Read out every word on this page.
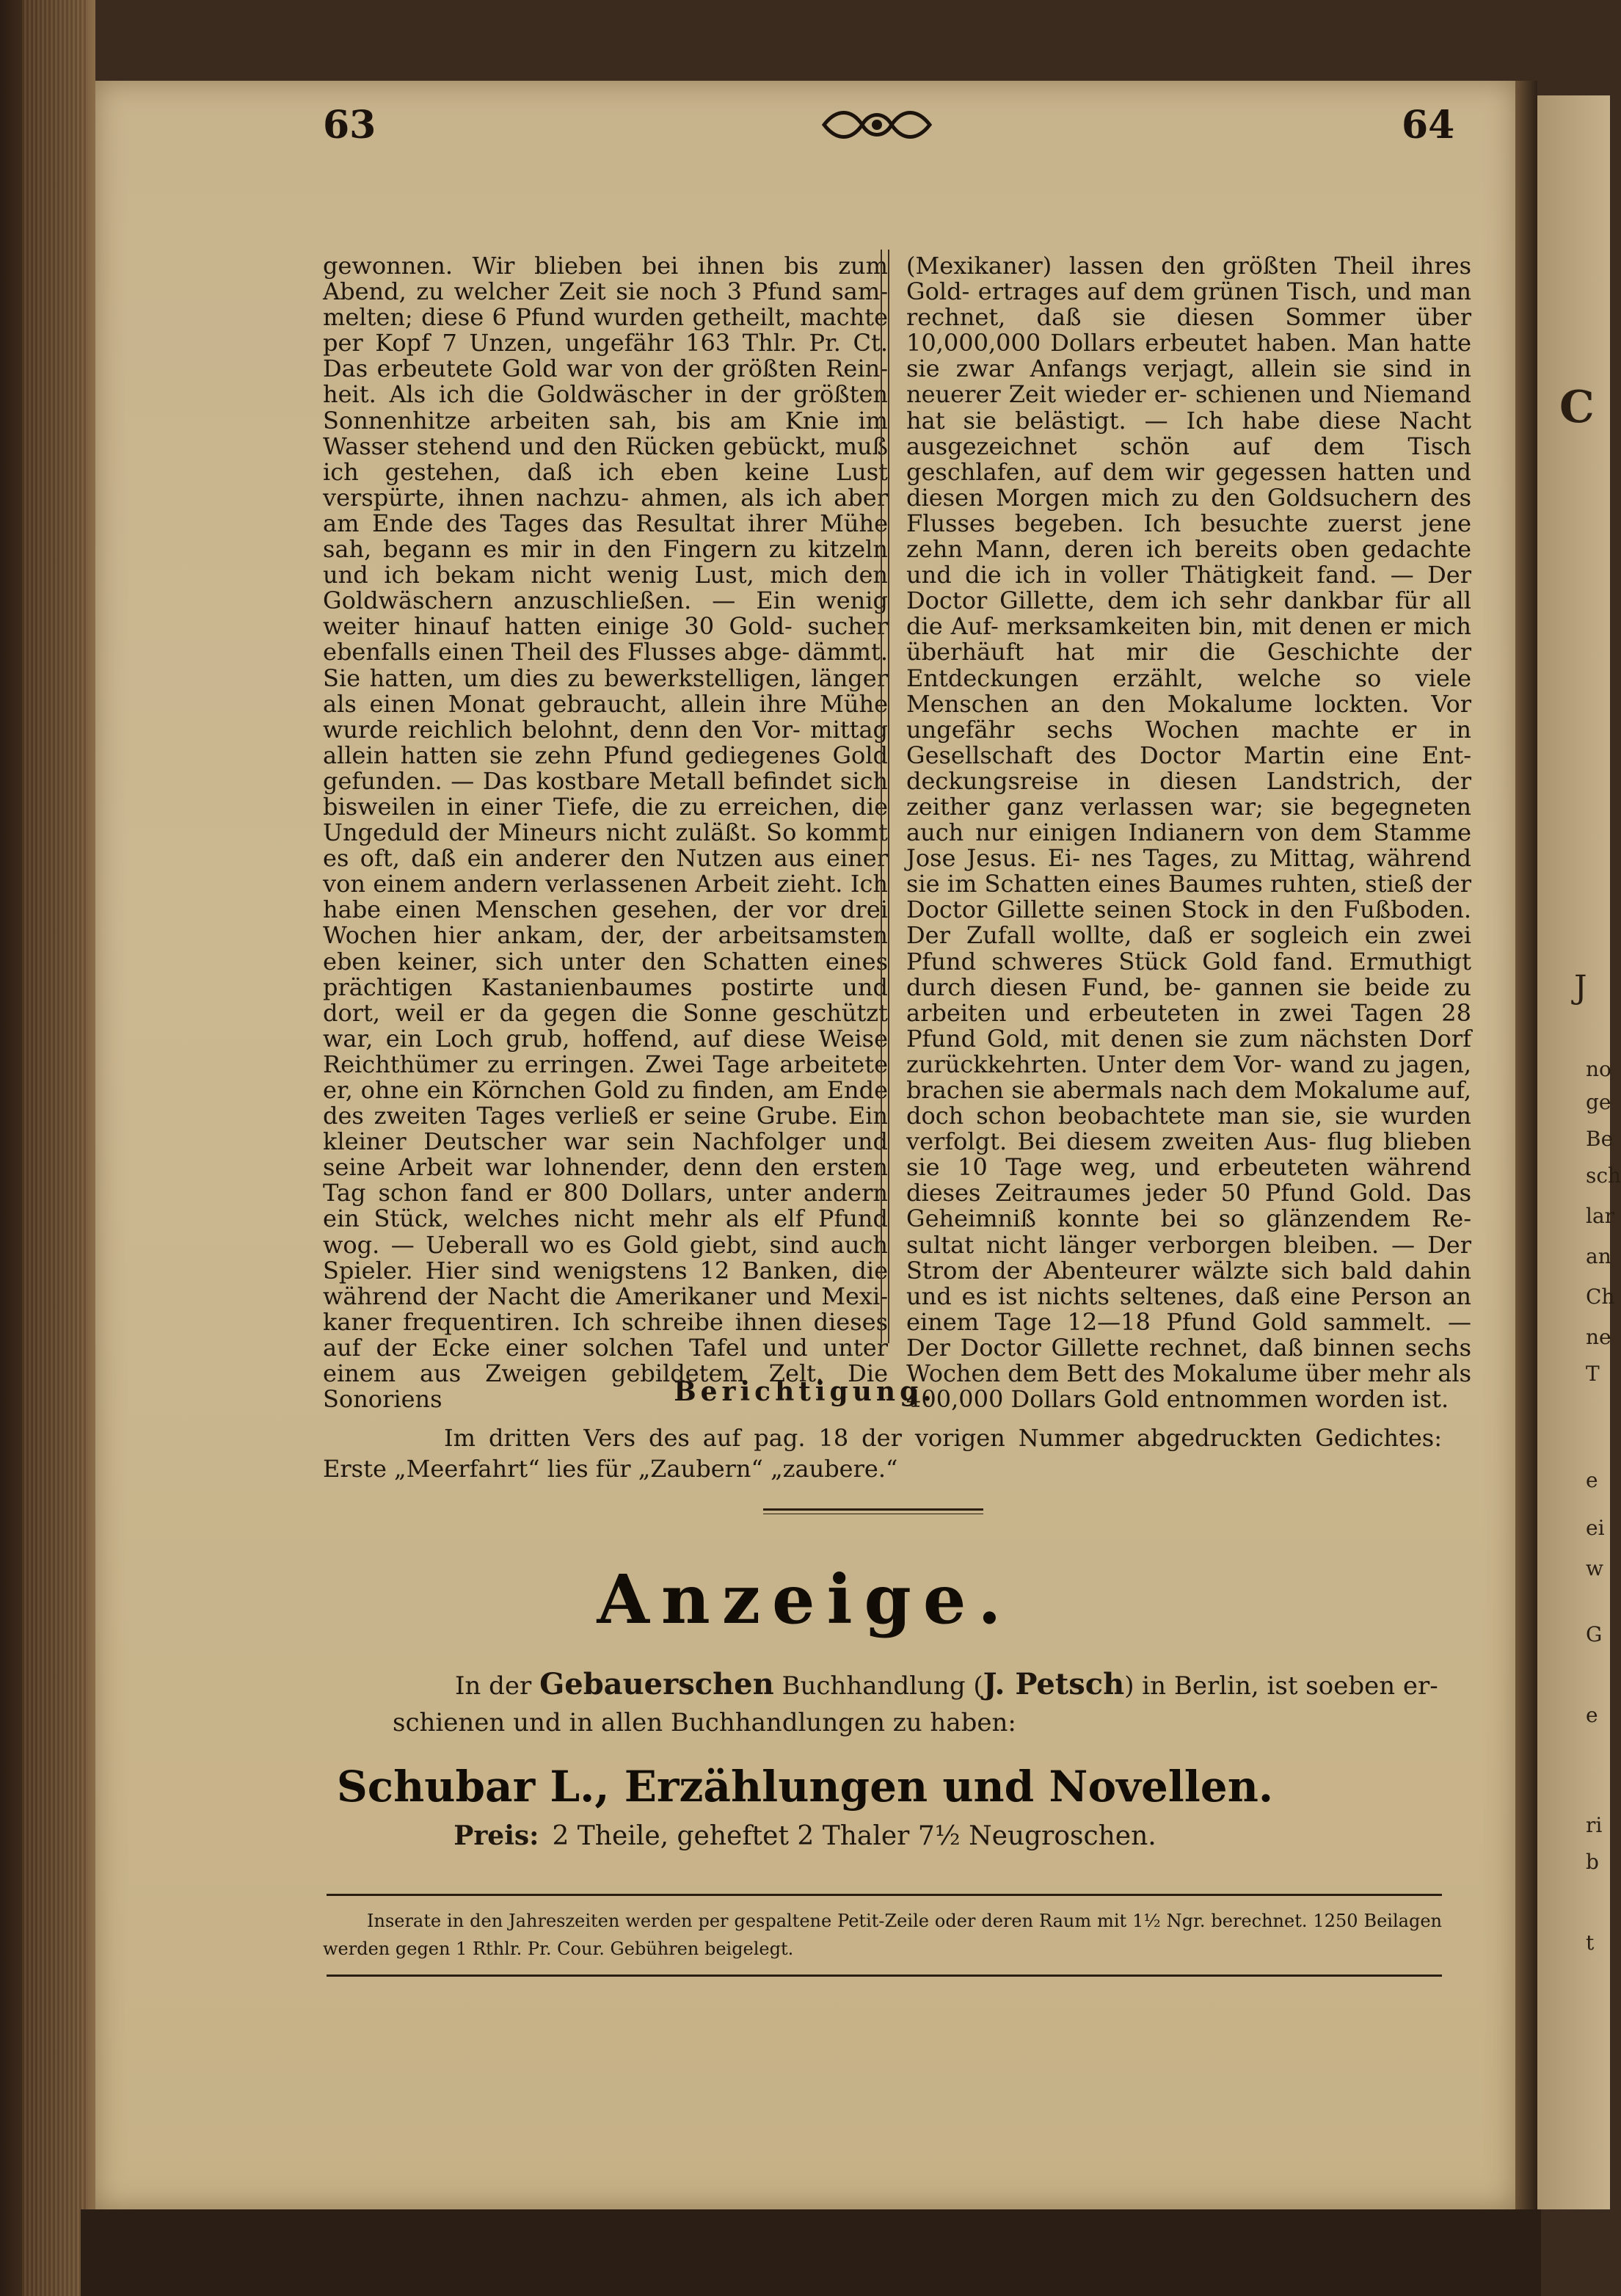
C
J
no
ge
Be
sch
lar
an
Ch
ne
T
e
ei
w
G
e
ri
b
t
63	64

gewonnen. Wir blieben bei ihnen bis zum Abend, zu welcher Zeit sie noch 3 Pfund sam- melten; diese 6 Pfund wurden getheilt, machte per Kopf 7 Unzen, ungefähr 163 Thlr. Pr. Ct. Das erbeutete Gold war von der größten Rein- heit. Als ich die Goldwäscher in der größten Sonnenhitze arbeiten sah, bis am Knie im Wasser stehend und den Rücken gebückt, muß ich gestehen, daß ich eben keine Lust verspürte, ihnen nachzu- ahmen, als ich aber am Ende des Tages das Resultat ihrer Mühe sah, begann es mir in den Fingern zu kitzeln und ich bekam nicht wenig Lust, mich den Goldwäschern anzuschließen. — Ein wenig weiter hinauf hatten einige 30 Gold- sucher ebenfalls einen Theil des Flusses abge- dämmt. Sie hatten, um dies zu bewerkstelligen, länger als einen Monat gebraucht, allein ihre Mühe wurde reichlich belohnt, denn den Vor- mittag allein hatten sie zehn Pfund gediegenes Gold gefunden. — Das kostbare Metall befindet sich bisweilen in einer Tiefe, die zu erreichen, die Ungeduld der Mineurs nicht zuläßt. So kommt es oft, daß ein anderer den Nutzen aus einer von einem andern verlassenen Arbeit zieht. Ich habe einen Menschen gesehen, der vor drei Wochen hier ankam, der, der arbeitsamsten eben keiner, sich unter den Schatten eines prächtigen Kastanienbaumes postirte und dort, weil er da gegen die Sonne geschützt war, ein Loch grub, hoffend, auf diese Weise Reichthümer zu erringen. Zwei Tage arbeitete er, ohne ein Körnchen Gold zu finden, am Ende des zweiten Tages verließ er seine Grube. Ein kleiner Deutscher war sein Nachfolger und seine Arbeit war lohnender, denn den ersten Tag schon fand er 800 Dollars, unter andern ein Stück, welches nicht mehr als elf Pfund wog. — Ueberall wo es Gold giebt, sind auch Spieler. Hier sind wenigstens 12 Banken, die während der Nacht die Amerikaner und Mexi- kaner frequentiren. Ich schreibe ihnen dieses auf der Ecke einer solchen Tafel und unter einem aus Zweigen gebildetem Zelt. Die Sonoriens

(Mexikaner) lassen den größten Theil ihres Gold- ertrages auf dem grünen Tisch, und man rechnet, daß sie diesen Sommer über 10,000,000 Dollars erbeutet haben. Man hatte sie zwar Anfangs verjagt, allein sie sind in neuerer Zeit wieder er- schienen und Niemand hat sie belästigt. — Ich habe diese Nacht ausgezeichnet schön auf dem Tisch geschlafen, auf dem wir gegessen hatten und diesen Morgen mich zu den Goldsuchern des Flusses begeben. Ich besuchte zuerst jene zehn Mann, deren ich bereits oben gedachte und die ich in voller Thätigkeit fand. — Der Doctor Gillette, dem ich sehr dankbar für all die Auf- merksamkeiten bin, mit denen er mich überhäuft hat mir die Geschichte der Entdeckungen erzählt, welche so viele Menschen an den Mokalume lockten. Vor ungefähr sechs Wochen machte er in Gesellschaft des Doctor Martin eine Ent- deckungsreise in diesen Landstrich, der zeither ganz verlassen war; sie begegneten auch nur einigen Indianern von dem Stamme Jose Jesus. Ei- nes Tages, zu Mittag, während sie im Schatten eines Baumes ruhten, stieß der Doctor Gillette seinen Stock in den Fußboden. Der Zufall wollte, daß er sogleich ein zwei Pfund schweres Stück Gold fand. Ermuthigt durch diesen Fund, be- gannen sie beide zu arbeiten und erbeuteten in zwei Tagen 28 Pfund Gold, mit denen sie zum nächsten Dorf zurückkehrten. Unter dem Vor- wand zu jagen, brachen sie abermals nach dem Mokalume auf, doch schon beobachtete man sie, sie wurden verfolgt. Bei diesem zweiten Aus- flug blieben sie 10 Tage weg, und erbeuteten während dieses Zeitraumes jeder 50 Pfund Gold. Das Geheimniß konnte bei so glänzendem Re- sultat nicht länger verborgen bleiben. — Der Strom der Abenteurer wälzte sich bald dahin und es ist nichts seltenes, daß eine Person an einem Tage 12—18 Pfund Gold sammelt. — Der Doctor Gillette rechnet, daß binnen sechs Wochen dem Bett des Mokalume über mehr als 400,000 Dollars Gold entnommen worden ist.

Berichtigung.
Im dritten Vers des auf pag. 18 der vorigen Nummer abgedruckten Gedichtes: Erste „Meerfahrt“ lies für „Zaubern“ „zaubere.“
Anzeige.
In der Gebauerschen Buchhandlung (J. Petsch) in Berlin, ist soeben er-
schienen und in allen Buchhandlungen zu haben:
Schubar L., Erzählungen und Novellen.
Preis: 2 Theile, geheftet 2 Thaler 7½ Neugroschen.
Inserate in den Jahreszeiten werden per gespaltene Petit-Zeile oder deren Raum mit 1½ Ngr. berechnet. 1250 Beilagen werden gegen 1 Rthlr. Pr. Cour. Gebühren beigelegt.
